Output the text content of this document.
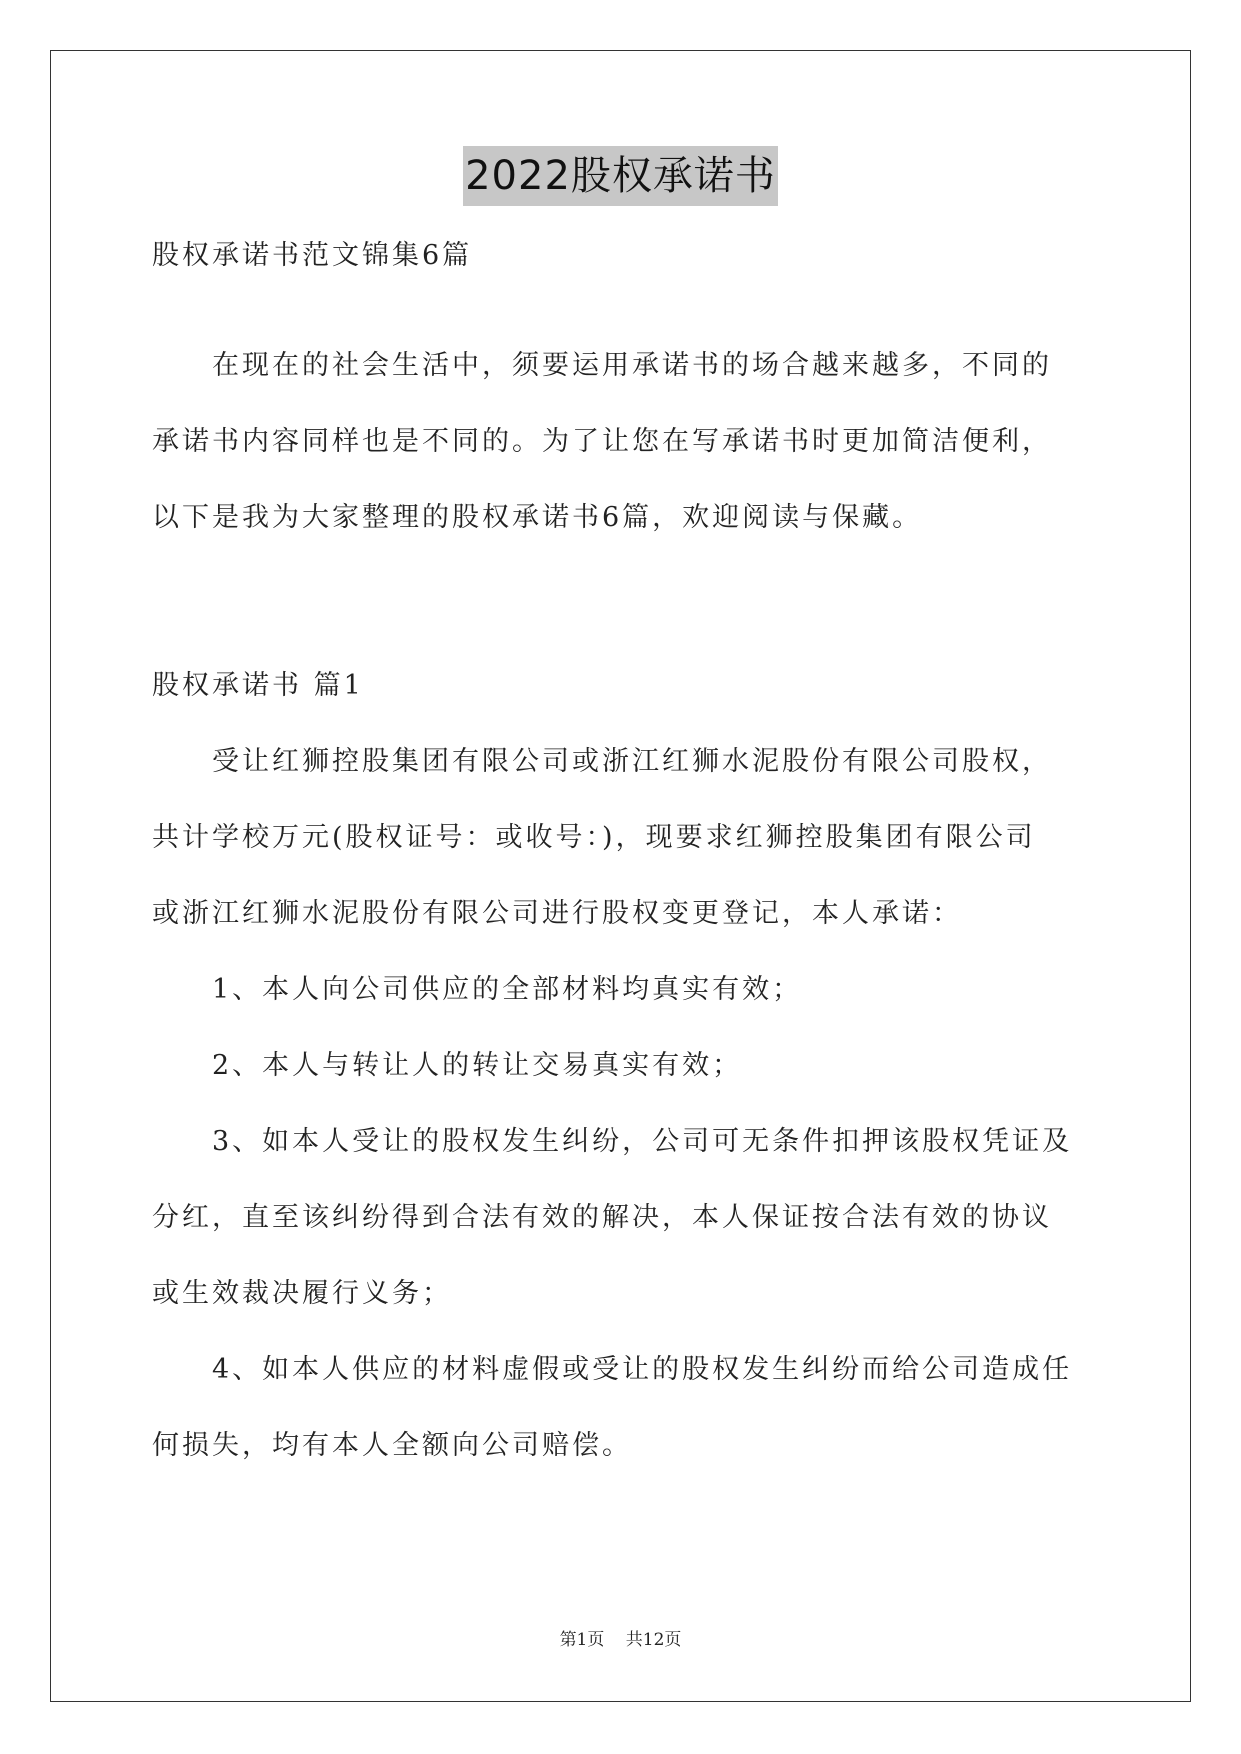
2022股权承诺书
股权承诺书范文锦集6篇
在现在的社会生活中，须要运用承诺书的场合越来越多，不同的
承诺书内容同样也是不同的。为了让您在写承诺书时更加简洁便利，
以下是我为大家整理的股权承诺书6篇，欢迎阅读与保藏。
股权承诺书 篇1
受让红狮控股集团有限公司或浙江红狮水泥股份有限公司股权，
共计学校万元(股权证号：或收号：)，现要求红狮控股集团有限公司
或浙江红狮水泥股份有限公司进行股权变更登记，本人承诺：
1、本人向公司供应的全部材料均真实有效；
2、本人与转让人的转让交易真实有效；
3、如本人受让的股权发生纠纷，公司可无条件扣押该股权凭证及
分红，直至该纠纷得到合法有效的解决，本人保证按合法有效的协议
或生效裁决履行义务；
4、如本人供应的材料虚假或受让的股权发生纠纷而给公司造成任
何损失，均有本人全额向公司赔偿。
第1页 共12页
